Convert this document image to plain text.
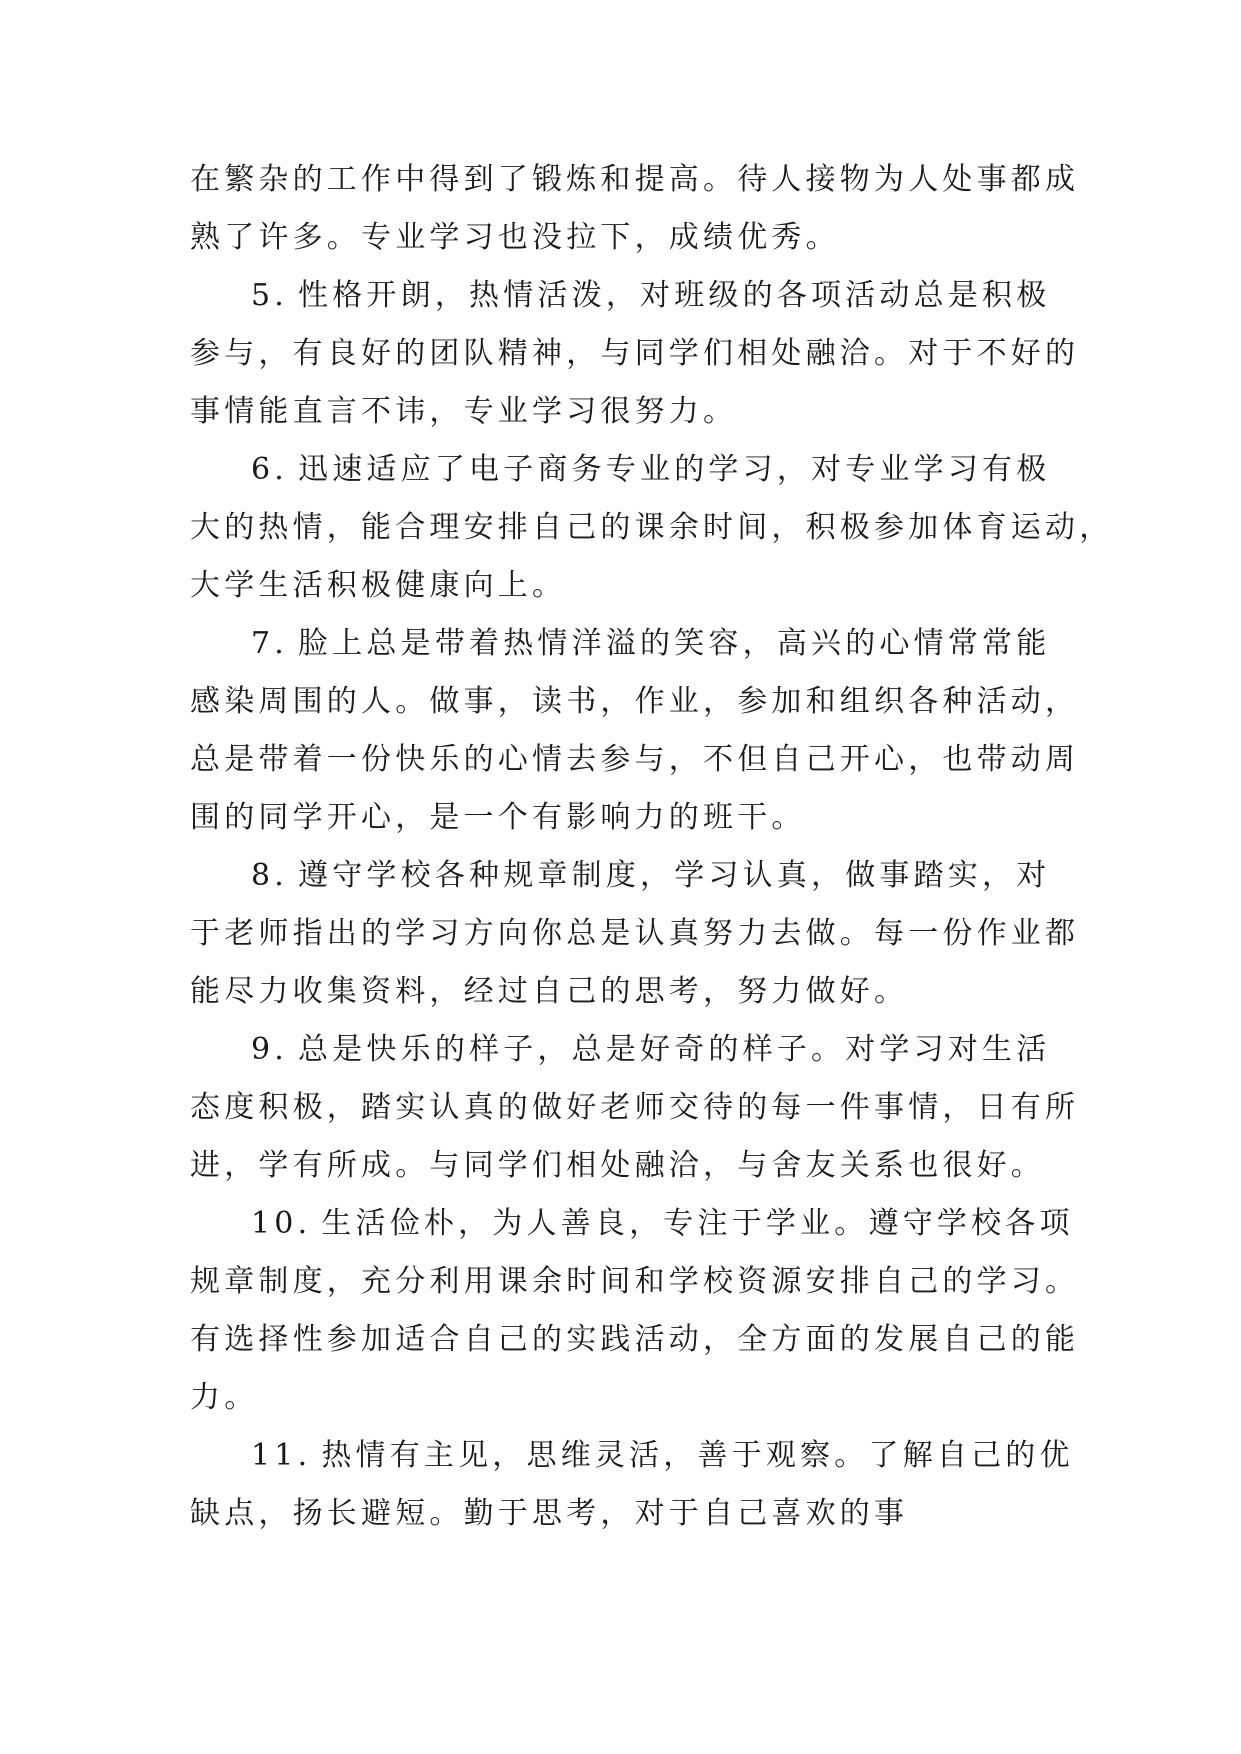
在繁杂的工作中得到了锻炼和提高。待人接物为人处事都成

熟了许多。专业学习也没拉下，成绩优秀。

5. 性格开朗，热情活泼，对班级的各项活动总是积极

参与，有良好的团队精神，与同学们相处融洽。对于不好的

事情能直言不讳，专业学习很努力。

6. 迅速适应了电子商务专业的学习，对专业学习有极

大的热情，能合理安排自己的课余时间，积极参加体育运动，

大学生活积极健康向上。

7. 脸上总是带着热情洋溢的笑容，高兴的心情常常能

感染周围的人。做事，读书，作业，参加和组织各种活动，

总是带着一份快乐的心情去参与，不但自己开心，也带动周

围的同学开心，是一个有影响力的班干。

8. 遵守学校各种规章制度，学习认真，做事踏实，对

于老师指出的学习方向你总是认真努力去做。每一份作业都

能尽力收集资料，经过自己的思考，努力做好。

9. 总是快乐的样子，总是好奇的样子。对学习对生活

态度积极，踏实认真的做好老师交待的每一件事情，日有所

进，学有所成。与同学们相处融洽，与舍友关系也很好。

10. 生活俭朴，为人善良，专注于学业。遵守学校各项

规章制度，充分利用课余时间和学校资源安排自己的学习。

有选择性参加适合自己的实践活动，全方面的发展自己的能

力。

11. 热情有主见，思维灵活，善于观察。了解自己的优

缺点，扬长避短。勤于思考，对于自己喜欢的事
